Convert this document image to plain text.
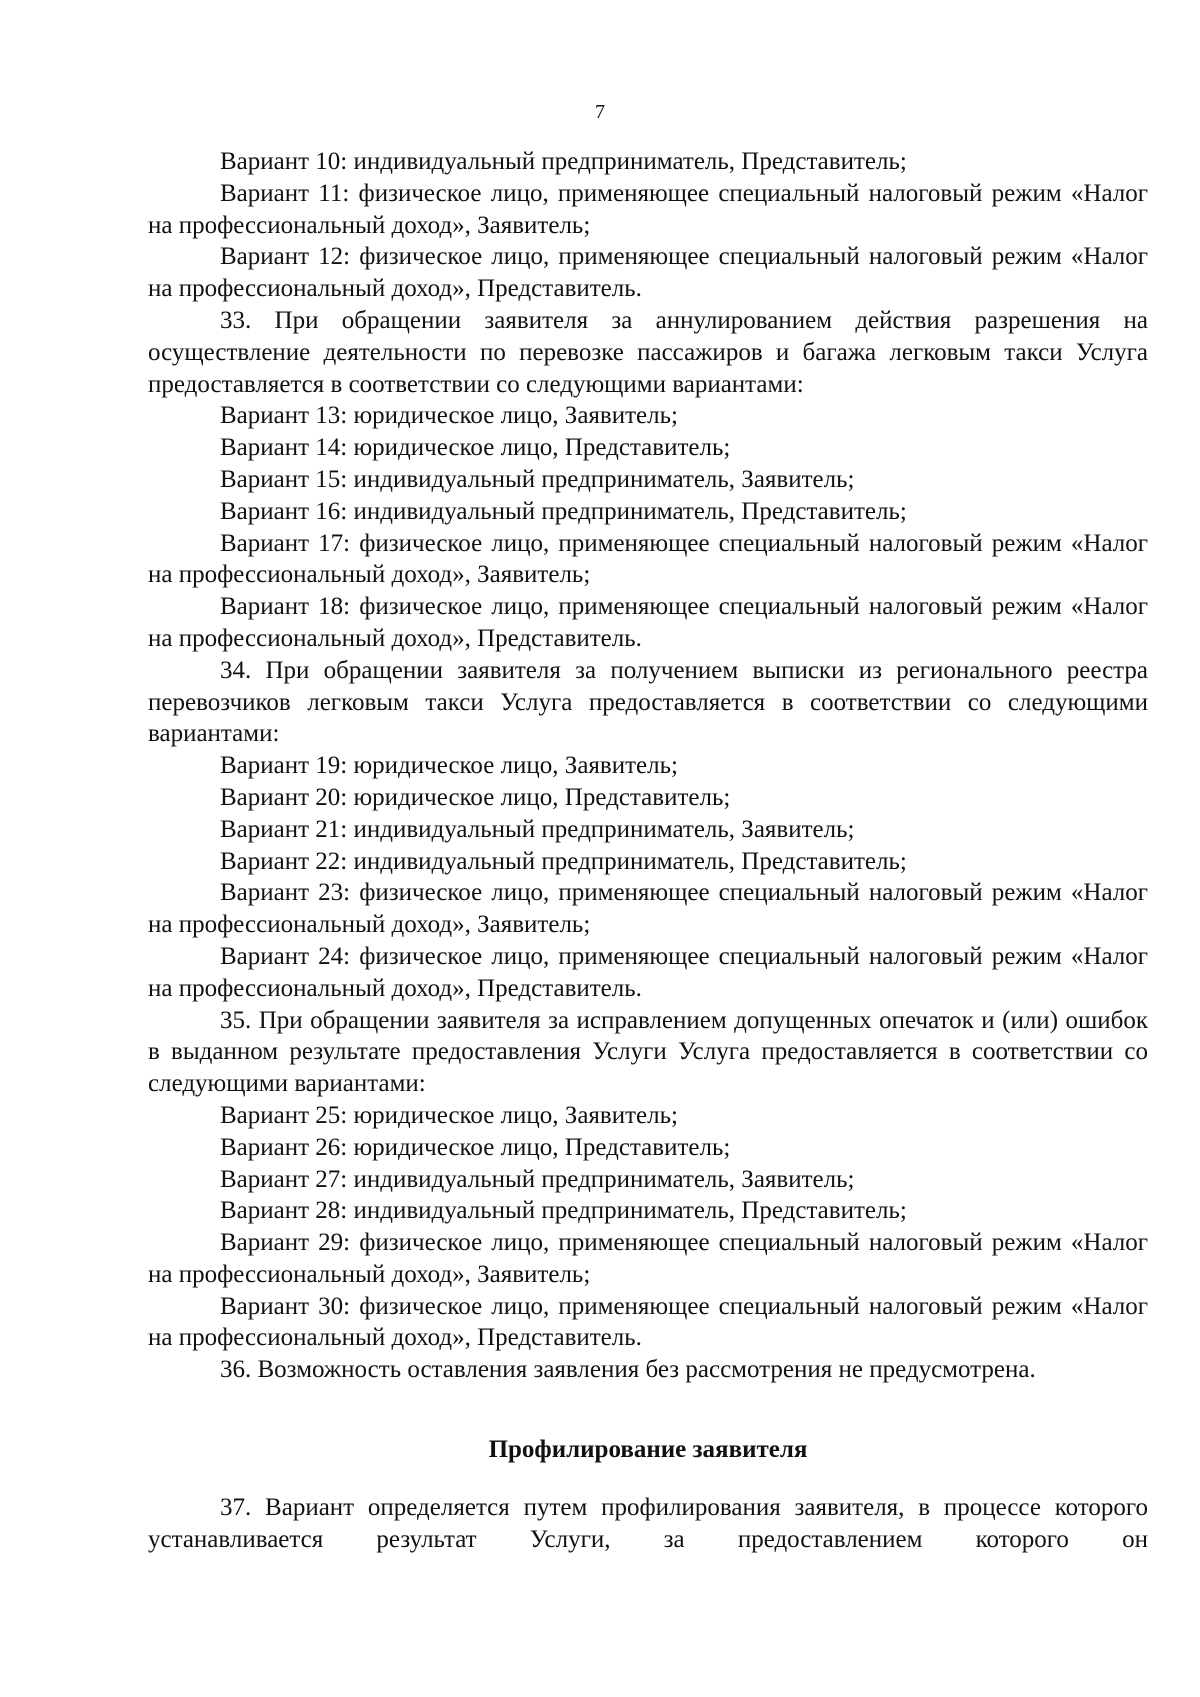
7

Вариант 10: индивидуальный предприниматель, Представитель;

Вариант 11: физическое лицо, применяющее специальный налоговый режим «Налог на профессиональный доход», Заявитель;

Вариант 12: физическое лицо, применяющее специальный налоговый режим «Налог на профессиональный доход», Представитель.

33. При обращении заявителя за аннулированием действия разрешения на осуществление деятельности по перевозке пассажиров и багажа легковым такси Услуга предоставляется в соответствии со следующими вариантами:

Вариант 13: юридическое лицо, Заявитель;

Вариант 14: юридическое лицо, Представитель;

Вариант 15: индивидуальный предприниматель, Заявитель;

Вариант 16: индивидуальный предприниматель, Представитель;

Вариант 17: физическое лицо, применяющее специальный налоговый режим «Налог на профессиональный доход», Заявитель;

Вариант 18: физическое лицо, применяющее специальный налоговый режим «Налог на профессиональный доход», Представитель.

34. При обращении заявителя за получением выписки из регионального реестра перевозчиков легковым такси Услуга предоставляется в соответствии со следующими вариантами:

Вариант 19: юридическое лицо, Заявитель;

Вариант 20: юридическое лицо, Представитель;

Вариант 21: индивидуальный предприниматель, Заявитель;

Вариант 22: индивидуальный предприниматель, Представитель;

Вариант 23: физическое лицо, применяющее специальный налоговый режим «Налог на профессиональный доход», Заявитель;

Вариант 24: физическое лицо, применяющее специальный налоговый режим «Налог на профессиональный доход», Представитель.

35. При обращении заявителя за исправлением допущенных опечаток и (или) ошибок в выданном результате предоставления Услуги Услуга предоставляется в соответствии со следующими вариантами:

Вариант 25: юридическое лицо, Заявитель;

Вариант 26: юридическое лицо, Представитель;

Вариант 27: индивидуальный предприниматель, Заявитель;

Вариант 28: индивидуальный предприниматель, Представитель;

Вариант 29: физическое лицо, применяющее специальный налоговый режим «Налог на профессиональный доход», Заявитель;

Вариант 30: физическое лицо, применяющее специальный налоговый режим «Налог на профессиональный доход», Представитель.

36. Возможность оставления заявления без рассмотрения не предусмотрена.

Профилирование заявителя

37. Вариант определяется путем профилирования заявителя, в процессе которого устанавливается результат Услуги, за предоставлением которого он
